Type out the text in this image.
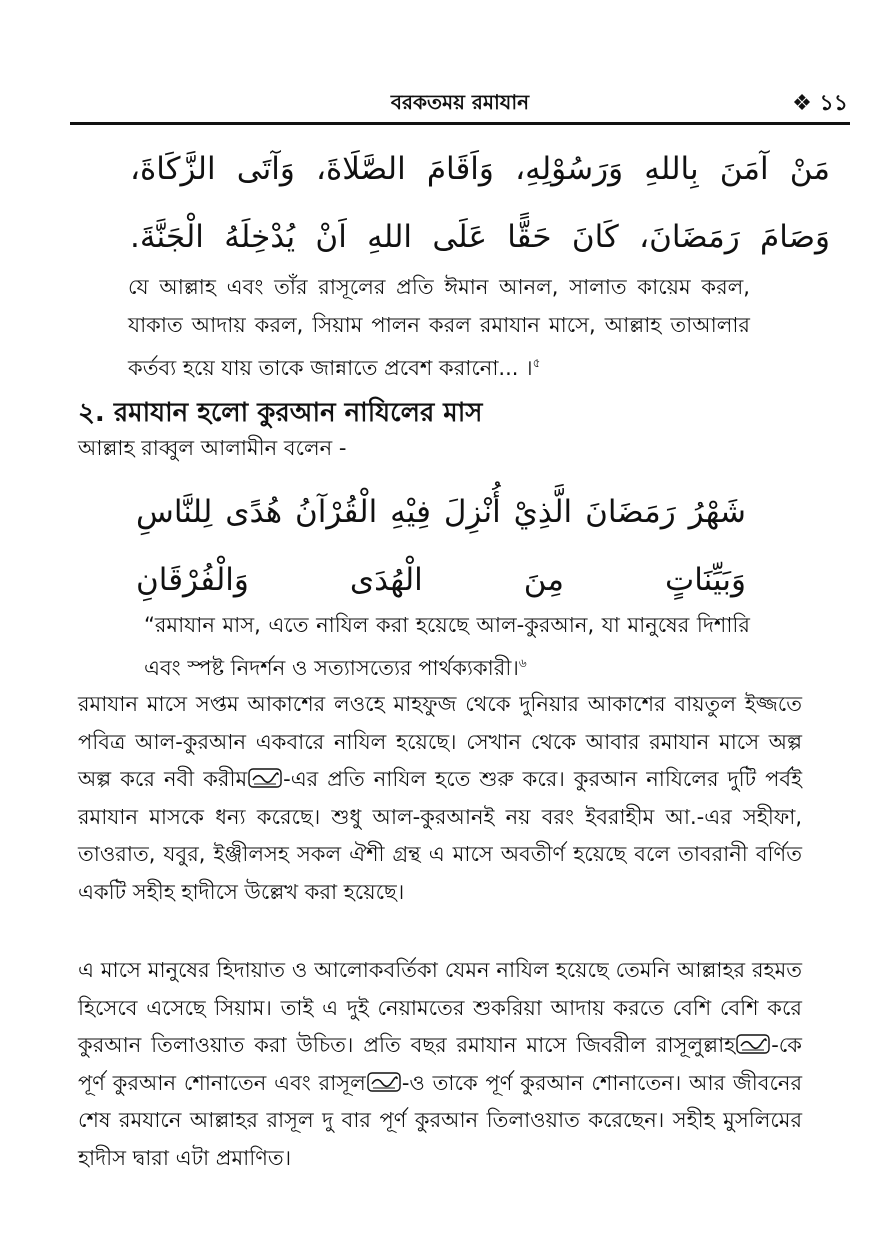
বরকতময় রমাযান	❖ ১১
مَنْ آمَنَ بِاللهِ وَرَسُوْلِهِ، وَاَقَامَ الصَّلَاةَ، وَآتَى الزَّكَاةَ، وَصَامَ رَمَضَانَ، كَانَ حَقًّا عَلَى اللهِ اَنْ يُدْخِلَهُ الْجَنَّةَ.
যে আল্লাহ এবং তাঁর রাসূলের প্রতি ঈমান আনল, সালাত কায়েম করল, যাকাত আদায় করল, সিয়াম পালন করল রমাযান মাসে, আল্লাহ তাআলার কর্তব্য হয়ে যায় তাকে জান্নাতে প্রবেশ করানো... ।$^৫$
২. রমাযান হলো কুরআন নাযিলের মাস
আল্লাহ রাব্বুল আলামীন বলেন -
شَهْرُ رَمَضَانَ الَّذِيْ أُنْزِلَ فِيْهِ الْقُرْآنُ هُدًى لِلنَّاسِ وَبَيِّنَاتٍ مِنَ الْهُدَى وَالْفُرْقَانِ
“রমাযান মাস, এতে নাযিল করা হয়েছে আল-কুরআন, যা মানুষের দিশারি এবং স্পষ্ট নিদর্শন ও সত্যাসত্যের পার্থক্যকারী।$^৬$
রমাযান মাসে সপ্তম আকাশের লওহে মাহফুজ থেকে দুনিয়ার আকাশের বায়তুল ইজ্জতে পবিত্র আল-কুরআন একবারে নাযিল হয়েছে। সেখান থেকে আবার রমাযান মাসে অল্প অল্প করে নবী করীম -এর প্রতি নাযিল হতে শুরু করে। কুরআন নাযিলের দুটি পর্বই রমাযান মাসকে ধন্য করেছে। শুধু আল-কুরআনই নয় বরং ইবরাহীম আ.-এর সহীফা, তাওরাত, যবুর, ইঞ্জীলসহ সকল ঐশী গ্রন্থ এ মাসে অবতীর্ণ হয়েছে বলে তাবরানী বর্ণিত একটি সহীহ হাদীসে উল্লেখ করা হয়েছে।
এ মাসে মানুষের হিদায়াত ও আলোকবর্তিকা যেমন নাযিল হয়েছে তেমনি আল্লাহর রহমত হিসেবে এসেছে সিয়াম। তাই এ দুই নেয়ামতের শুকরিয়া আদায় করতে বেশি বেশি করে কুরআন তিলাওয়াত করা উচিত। প্রতি বছর রমাযান মাসে জিবরীল রাসূলুল্লাহ -কে পূর্ণ কুরআন শোনাতেন এবং রাসূল -ও তাকে পূর্ণ কুরআন শোনাতেন। আর জীবনের শেষ রমযানে আল্লাহর রাসূল দু বার পূর্ণ কুরআন তিলাওয়াত করেছেন। সহীহ মুসলিমের হাদীস দ্বারা এটা প্রমাণিত।
